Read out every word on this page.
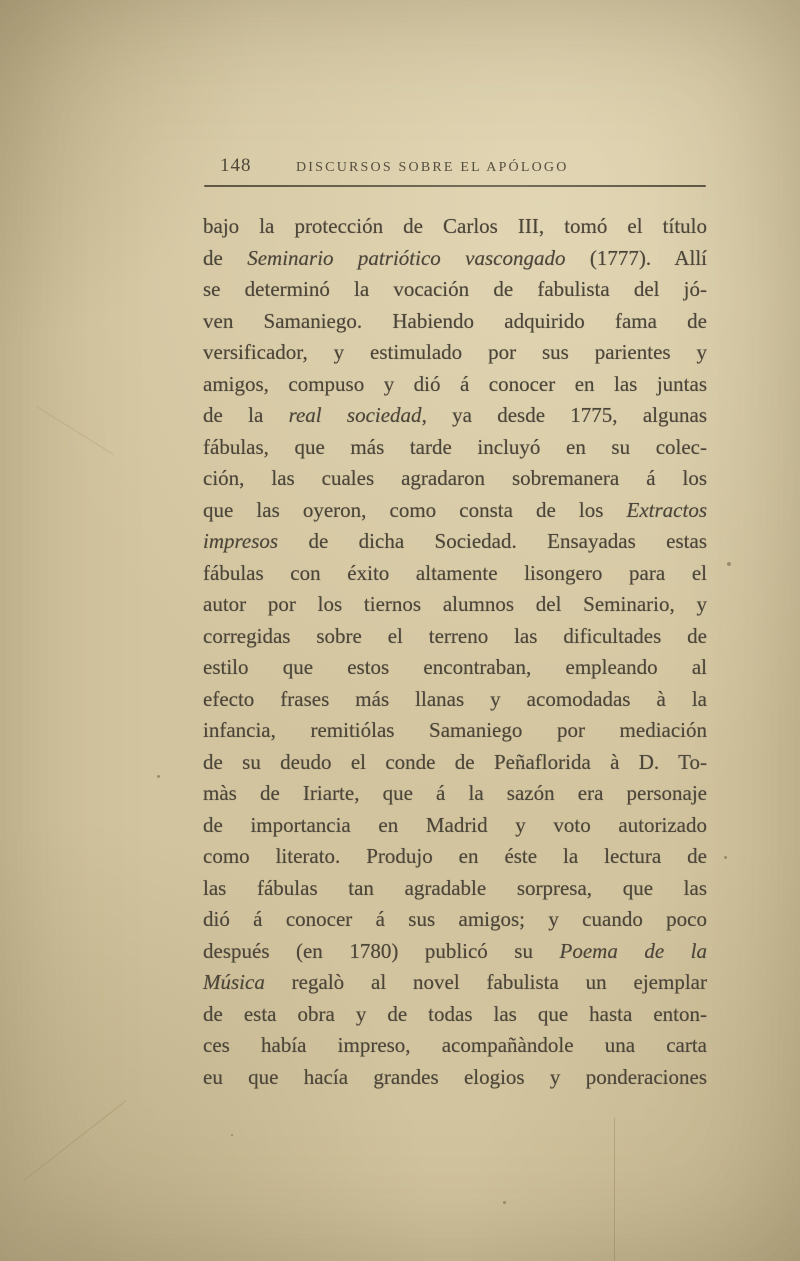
148	DISCURSOS SOBRE EL APÓLOGO
bajo la protección de Carlos III, tomó el título
de Seminario patriótico vascongado (1777). Allí
se determinó la vocación de fabulista del jó-
ven Samaniego. Habiendo adquirido fama de
versificador, y estimulado por sus parientes y
amigos, compuso y dió á conocer en las juntas
de la real sociedad, ya desde 1775, algunas
fábulas, que más tarde incluyó en su colec-
ción, las cuales agradaron sobremanera á los
que las oyeron, como consta de los Extractos
impresos de dicha Sociedad. Ensayadas estas
fábulas con éxito altamente lisongero para el
autor por los tiernos alumnos del Seminario, y
corregidas sobre el terreno las dificultades de
estilo que estos encontraban, empleando al
efecto frases más llanas y acomodadas à la
infancia, remitiólas Samaniego por mediación
de su deudo el conde de Peñaflorida à D. To-
màs de Iriarte, que á la sazón era personaje
de importancia en Madrid y voto autorizado
como literato. Produjo en éste la lectura de
las fábulas tan agradable sorpresa, que las
dió á conocer á sus amigos; y cuando poco
después (en 1780) publicó su Poema de la
Música regalò al novel fabulista un ejemplar
de esta obra y de todas las que hasta enton-
ces había impreso, acompañàndole una carta
eu que hacía grandes elogios y ponderaciones
